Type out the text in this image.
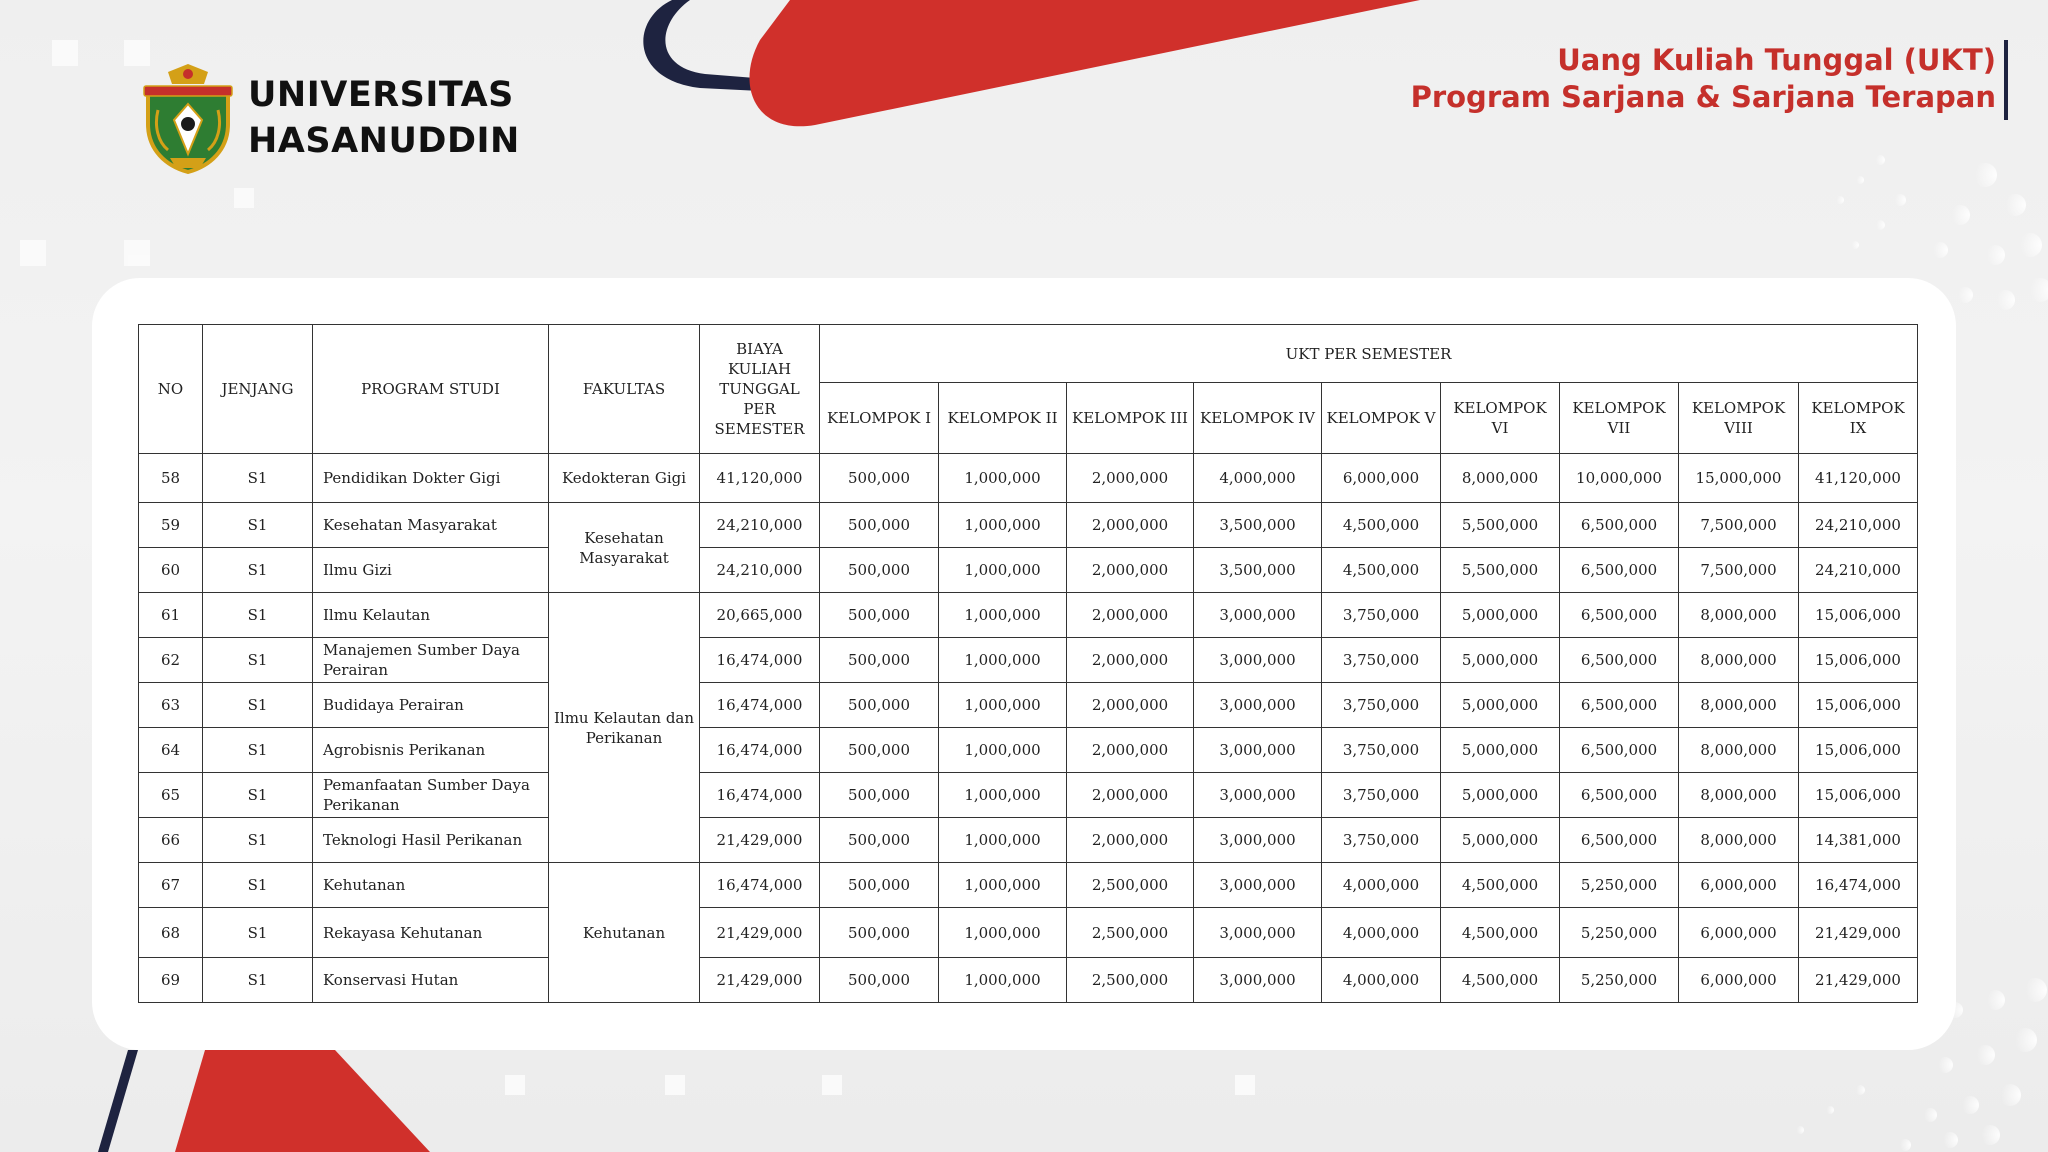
UNIVERSITAS
HASANUDDIN
Uang Kuliah Tunggal (UKT)
Program Sarjana & Sarjana Terapan
NO	JENJANG	PROGRAM STUDI	FAKULTAS	BIAYA KULIAH TUNGGAL PER SEMESTER	UKT PER SEMESTER								
					KELOMPOK I	KELOMPOK II	KELOMPOK III	KELOMPOK IV	KELOMPOK V	KELOMPOK VI	KELOMPOK VII	KELOMPOK VIII	KELOMPOK IX
58	S1	Pendidikan Dokter Gigi	Kedokteran Gigi	41,120,000	500,000	1,000,000	2,000,000	4,000,000	6,000,000	8,000,000	10,000,000	15,000,000	41,120,000
59	S1	Kesehatan Masyarakat	Kesehatan Masyarakat	24,210,000	500,000	1,000,000	2,000,000	3,500,000	4,500,000	5,500,000	6,500,000	7,500,000	24,210,000
60	S1	Ilmu Gizi		24,210,000	500,000	1,000,000	2,000,000	3,500,000	4,500,000	5,500,000	6,500,000	7,500,000	24,210,000
61	S1	Ilmu Kelautan	Ilmu Kelautan dan Perikanan	20,665,000	500,000	1,000,000	2,000,000	3,000,000	3,750,000	5,000,000	6,500,000	8,000,000	15,006,000
62	S1	Manajemen Sumber Daya Perairan		16,474,000	500,000	1,000,000	2,000,000	3,000,000	3,750,000	5,000,000	6,500,000	8,000,000	15,006,000
63	S1	Budidaya Perairan		16,474,000	500,000	1,000,000	2,000,000	3,000,000	3,750,000	5,000,000	6,500,000	8,000,000	15,006,000
64	S1	Agrobisnis Perikanan		16,474,000	500,000	1,000,000	2,000,000	3,000,000	3,750,000	5,000,000	6,500,000	8,000,000	15,006,000
65	S1	Pemanfaatan Sumber Daya Perikanan		16,474,000	500,000	1,000,000	2,000,000	3,000,000	3,750,000	5,000,000	6,500,000	8,000,000	15,006,000
66	S1	Teknologi Hasil Perikanan		21,429,000	500,000	1,000,000	2,000,000	3,000,000	3,750,000	5,000,000	6,500,000	8,000,000	14,381,000
67	S1	Kehutanan	Kehutanan	16,474,000	500,000	1,000,000	2,500,000	3,000,000	4,000,000	4,500,000	5,250,000	6,000,000	16,474,000
68	S1	Rekayasa Kehutanan		21,429,000	500,000	1,000,000	2,500,000	3,000,000	4,000,000	4,500,000	5,250,000	6,000,000	21,429,000
69	S1	Konservasi Hutan		21,429,000	500,000	1,000,000	2,500,000	3,000,000	4,000,000	4,500,000	5,250,000	6,000,000	21,429,000
